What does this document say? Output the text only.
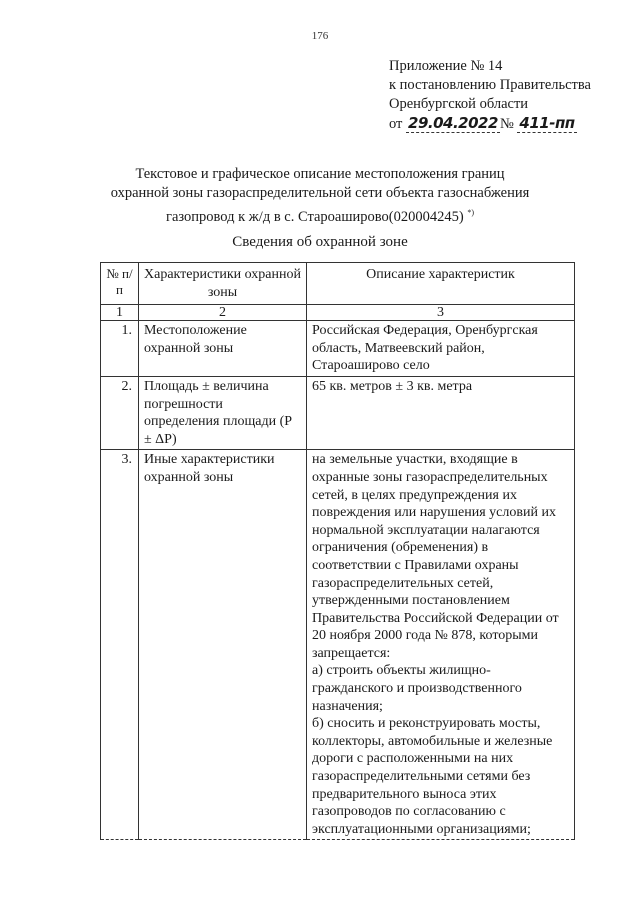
176
Приложение № 14
к постановлению Правительства
Оренбургской области
от 29.04.2022 № 411-пп
Текстовое и графическое описание местоположения границ
охранной зоны газораспределительной сети объекта газоснабжения
газопровод к ж/д в с. Староаширово(020004245) *)
Сведения об охранной зоне
№ п/п	Характеристики охранной зоны	Описание характеристик
1	2	3
1.	Местоположение охранной зоны	Российская Федерация, Оренбургская область, Матвеевский район, Староаширово село
2.	Площадь ± величина погрешности определения площади (P ± ΔP)	65 кв. метров ± 3 кв. метра
3.	Иные характеристики охранной зоны	на земельные участки, входящие в охранные зоны газораспределительных сетей, в целях предупреждения их повреждения или нарушения условий их нормальной эксплуатации налагаются ограничения (обременения) в соответствии с Правилами охраны газораспределительных сетей, утвержденными постановлением Правительства Российской Федерации от 20 ноября 2000 года № 878, которыми запрещается:
а) строить объекты жилищно-гражданского и производственного назначения;
б) сносить и реконструировать мосты, коллекторы, автомобильные и железные дороги с расположенными на них газораспределительными сетями без предварительного выноса этих газопроводов по согласованию с эксплуатационными организациями;
